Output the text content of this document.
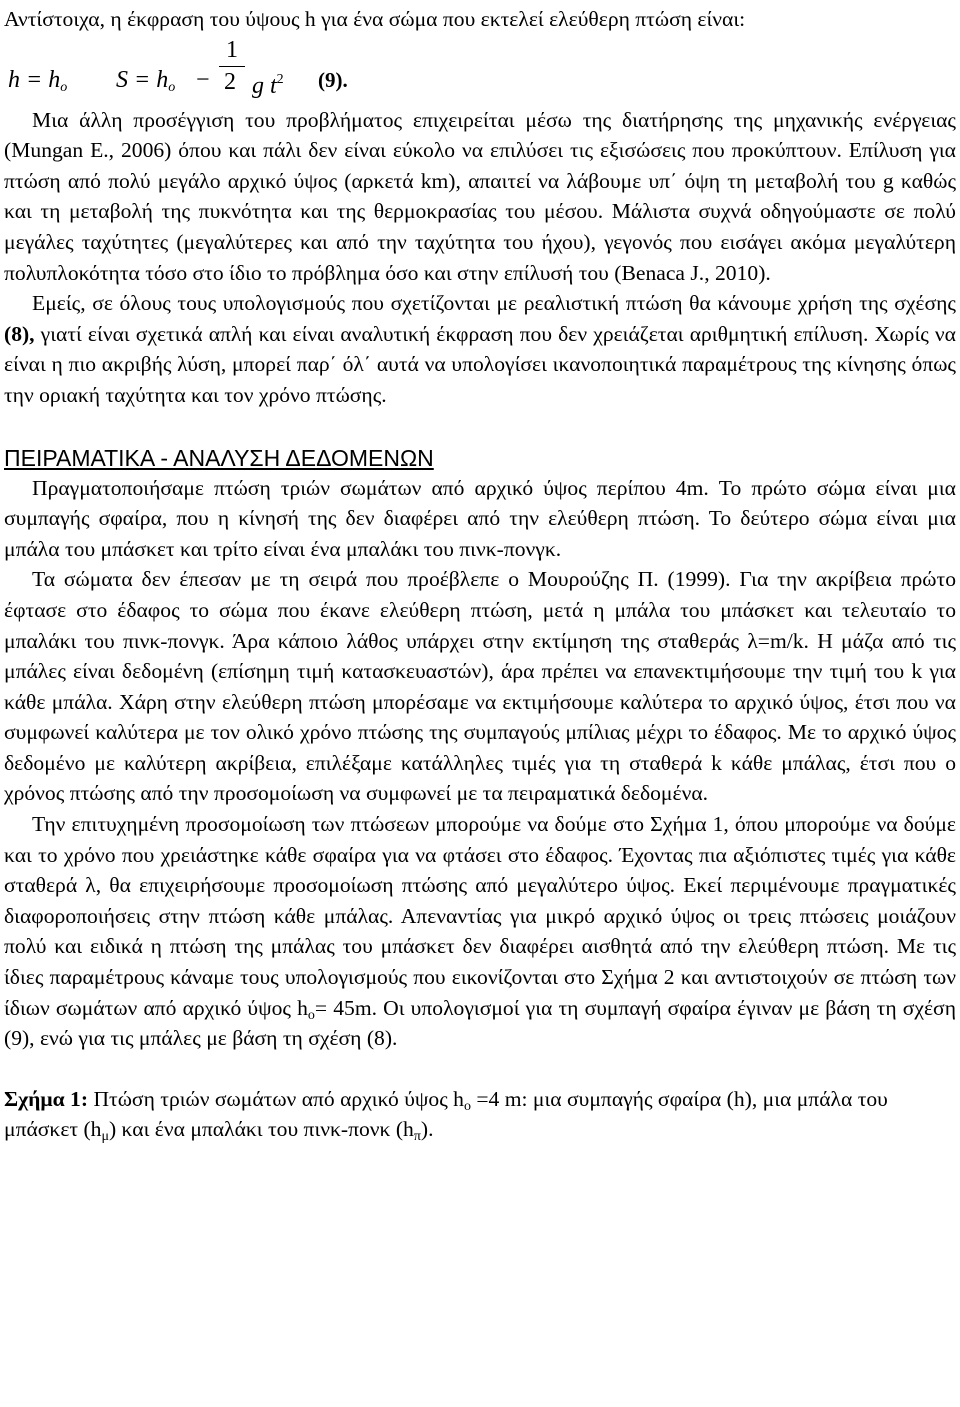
Αντίστοιχα, η έκφραση του ύψους h για ένα σώμα που εκτελεί ελεύθερη πτώση είναι:

$h = h_o$ $S = h_o$ −
1
2 g $t^2$ (9).

Μια άλλη προσέγγιση του προβλήματος επιχειρείται μέσω της διατήρησης της μηχανικής ενέργειας (Mungan E., 2006) όπου και πάλι δεν είναι εύκολο να επιλύσει τις εξισώσεις που προκύπτουν. Επίλυση για πτώση από πολύ μεγάλο αρχικό ύψος (αρκετά km), απαιτεί να λάβουμε υπ΄ όψη τη μεταβολή του g καθώς και τη μεταβολή της πυκνότητα και της θερμοκρασίας του μέσου. Μάλιστα συχνά οδηγούμαστε σε πολύ μεγάλες ταχύτητες (μεγαλύτερες και από την ταχύτητα του ήχου), γεγονός που εισάγει ακόμα μεγαλύτερη πολυπλοκότητα τόσο στο ίδιο το πρόβλημα όσο και στην επίλυσή του (Benaca J., 2010).

Εμείς, σε όλους τους υπολογισμούς που σχετίζονται με ρεαλιστική πτώση θα κάνουμε χρήση της σχέσης (8), γιατί είναι σχετικά απλή και είναι αναλυτική έκφραση που δεν χρειάζεται αριθμητική επίλυση. Χωρίς να είναι η πιο ακριβής λύση, μπορεί παρ΄ όλ΄ αυτά να υπολογίσει ικανοποιητικά παραμέτρους της κίνησης όπως την οριακή ταχύτητα και τον χρόνο πτώσης.

ΠΕΙΡΑΜΑΤΙΚΑ - ΑΝΑΛΥΣΗ ΔΕΔΟΜΕΝΩΝ

Πραγματοποιήσαμε πτώση τριών σωμάτων από αρχικό ύψος περίπου 4m. Το πρώτο σώμα είναι μια συμπαγής σφαίρα, που η κίνησή της δεν διαφέρει από την ελεύθερη πτώση. Το δεύτερο σώμα είναι μια μπάλα του μπάσκετ και τρίτο είναι ένα μπαλάκι του πινκ-πονγκ.

Τα σώματα δεν έπεσαν με τη σειρά που προέβλεπε ο Μουρούζης Π. (1999). Για την ακρίβεια πρώτο έφτασε στο έδαφος το σώμα που έκανε ελεύθερη πτώση, μετά η μπάλα του μπάσκετ και τελευταίο το μπαλάκι του πινκ-πονγκ. Άρα κάποιο λάθος υπάρχει στην εκτίμηση της σταθεράς λ=m/k. Η μάζα από τις μπάλες είναι δεδομένη (επίσημη τιμή κατασκευαστών), άρα πρέπει να επανεκτιμήσουμε την τιμή του k για κάθε μπάλα. Χάρη στην ελεύθερη πτώση μπορέσαμε να εκτιμήσουμε καλύτερα το αρχικό ύψος, έτσι που να συμφωνεί καλύτερα με τον ολικό χρόνο πτώσης της συμπαγούς μπίλιας μέχρι το έδαφος. Με το αρχικό ύψος δεδομένο με καλύτερη ακρίβεια, επιλέξαμε κατάλληλες τιμές για τη σταθερά k κάθε μπάλας, έτσι που ο χρόνος πτώσης από την προσομοίωση να συμφωνεί με τα πειραματικά δεδομένα.

Την επιτυχημένη προσομοίωση των πτώσεων μπορούμε να δούμε στο Σχήμα 1, όπου μπορούμε να δούμε και το χρόνο που χρειάστηκε κάθε σφαίρα για να φτάσει στο έδαφος. Έχοντας πια αξιόπιστες τιμές για κάθε σταθερά λ, θα επιχειρήσουμε προσομοίωση πτώσης από μεγαλύτερο ύψος. Εκεί περιμένουμε πραγματικές διαφοροποιήσεις στην πτώση κάθε μπάλας. Απεναντίας για μικρό αρχικό ύψος οι τρεις πτώσεις μοιάζουν πολύ και ειδικά η πτώση της μπάλας του μπάσκετ δεν διαφέρει αισθητά από την ελεύθερη πτώση. Με τις ίδιες παραμέτρους κάναμε τους υπολογισμούς που εικονίζονται στο Σχήμα 2 και αντιστοιχούν σε πτώση των ίδιων σωμάτων από αρχικό ύψος $h_o= 45m$. Οι υπολογισμοί για τη συμπαγή σφαίρα έγιναν με βάση τη σχέση (9), ενώ για τις μπάλες με βάση τη σχέση (8).

Σχήμα 1: Πτώση τριών σωμάτων από αρχικό ύψος $h_o =4$ m: μια συμπαγής σφαίρα (h), μια μπάλα του μπάσκετ $(h_\mu)$ και ένα μπαλάκι του πινκ-πονκ $(h_\pi)$.
